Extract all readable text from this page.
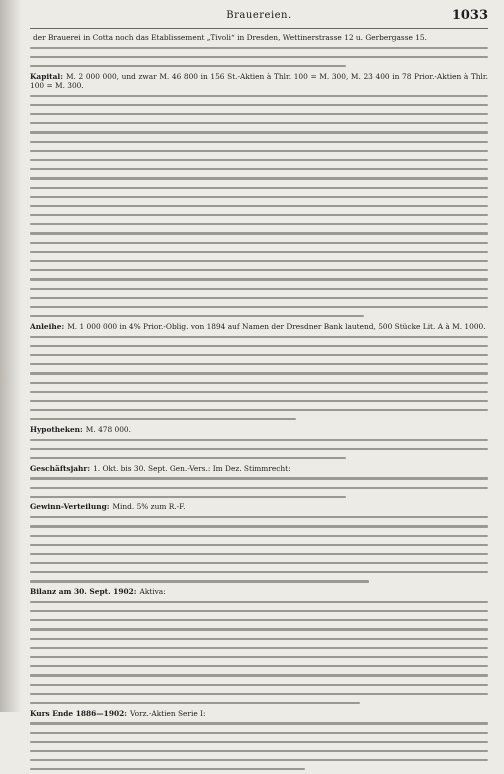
Brauereien.	1033
der Brauerei in Cotta noch das Etablissement „Tivoli“ in Dresden, Wettinerstrasse 12 u. Gerbergasse 15.
Kapital: M. 2 000 000, und zwar M. 46 800 in 156 St.-Aktien à Thlr. 100 = M. 300, M. 23 400 in 78 Prior.-Aktien à Thlr. 100 = M. 300.
Anleihe: M. 1 000 000 in 4% Prior.-Oblig. von 1894 auf Namen der Dresdner Bank lautend, 500 Stücke Lit. A à M. 1000.
Hypotheken: M. 478 000.
Geschäftsjahr: 1. Okt. bis 30. Sept. Gen.-Vers.: Im Dez. Stimmrecht:
Gewinn-Verteilung: Mind. 5% zum R.-F.
Bilanz am 30. Sept. 1902: Aktiva:
Kurs Ende 1886—1902: Vorz.-Aktien Serie I:
